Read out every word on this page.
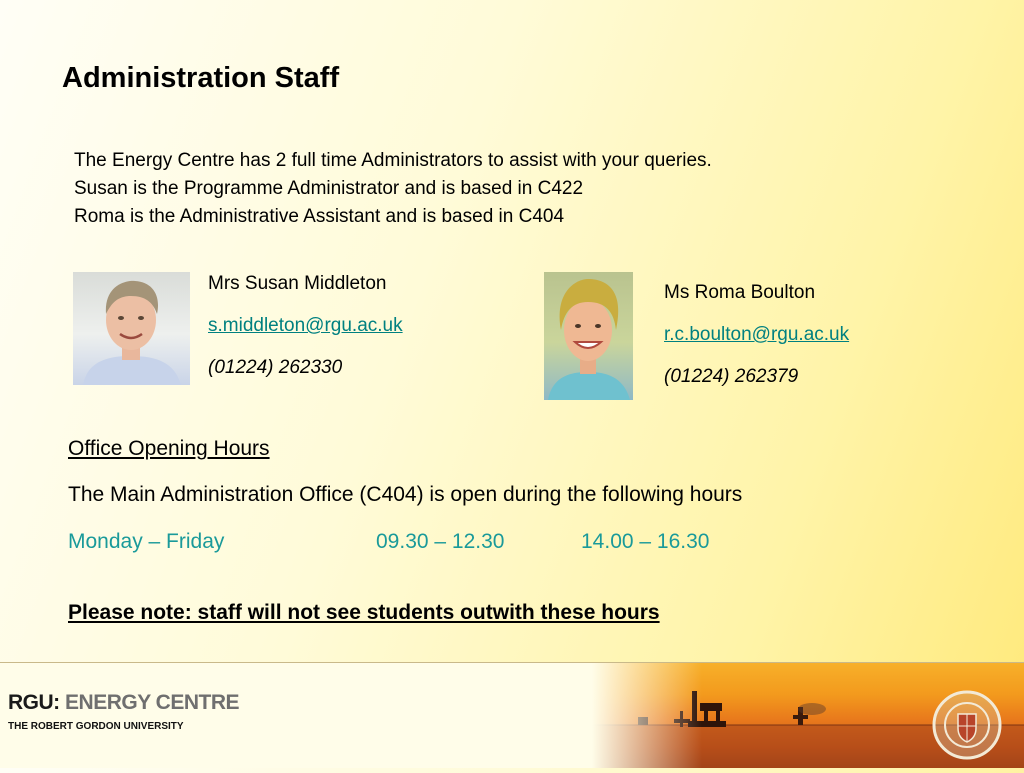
Administration Staff
The Energy Centre has 2 full time Administrators to assist with your queries.
Susan is the Programme Administrator and is based in C422
Roma is the Administrative Assistant and is based in C404
Mrs Susan Middleton
s.middleton@rgu.ac.uk
(01224) 262330
Ms Roma Boulton
r.c.boulton@rgu.ac.uk
(01224) 262379
Office Opening Hours
The Main Administration Office (C404) is open during the following hours
Monday – Friday	09.30 – 12.30	14.00 – 16.30
Please note: staff will not see students outwith these hours
RGU: ENERGY CENTRE
THE ROBERT GORDON UNIVERSITY
